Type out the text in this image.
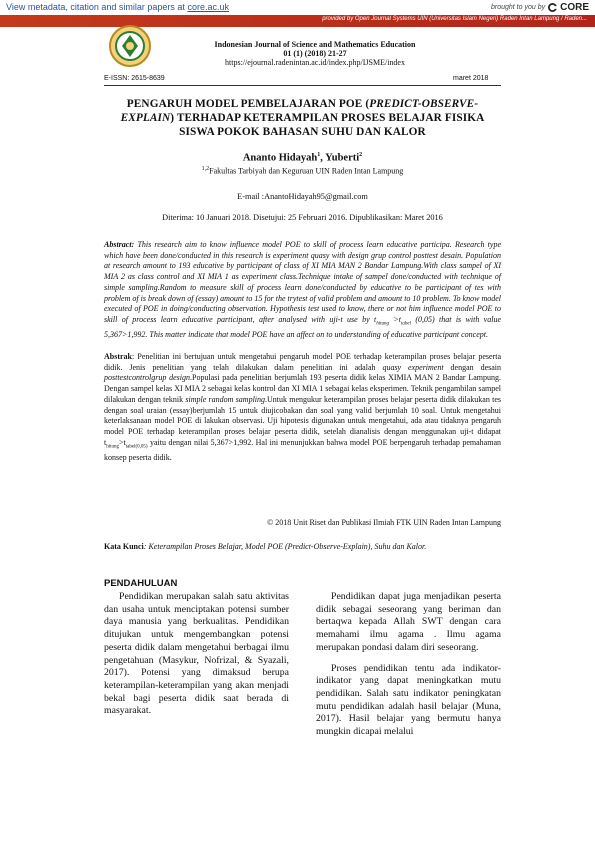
View metadata, citation and similar papers at core.ac.uk	brought to you by CORE
provided by Open Journal Systems UIN (Universitas Islam Negeri) Raden Intan Lampung / Raden...
Indonesian Journal of Science and Mathematics Education
01 (1) (2018) 21-27
https://ejournal.radenintan.ac.id/index.php/IJSME/index
E-ISSN: 2615-8639	maret 2018
PENGARUH MODEL PEMBELAJARAN POE (PREDICT-OBSERVE-EXPLAIN) TERHADAP KETERAMPILAN PROSES BELAJAR FISIKA SISWA POKOK BAHASAN SUHU DAN KALOR
Ananto Hidayah$^1$, Yuberti$^2$
$^{1,2}$Fakultas Tarbiyah dan Keguruan UIN Raden Intan Lampung
E-mail :AnantoHidayah95@gmail.com
Diterima: 10 Januari 2018. Disetujui: 25 Februari 2016. Dipublikasikan: Maret 2016
Abstract: This research aim to know influence model POE to skill of process learn educative participa. Research type which have been done/conducted in this research is experiment quasy with design grup control posttest desain. Population at research amount to 193 educative by participant of class of XI MIA MAN 2 Bandar Lampung.With class sampel of XI MIA 2 as class control and XI MIA 1 as experiment class.Technique intake of sampel done/conducted with technique of simple sampling.Random to measure skill of process learn done/conducted by educative to be participant of tes with problem of is break down of (essay) amount to 15 for the trytest of valid problem and amount to 10 problem. To know model executed of POE in doing/conducting observation. Hypothesis test used to know, there or not him influence model POE to skill of process learn educative participant, after analysed with uji-t use by $t_{hitung} >t_{tabel}$ (0,05) that is with value 5,367>1,992. This matter indicate that model POE have an affect on to understanding of educative participant concept.
Abstrak: Penelitian ini bertujuan untuk mengetahui pengaruh model POE terhadap keterampilan proses belajar peserta didik. Jenis penelitian yang telah dilakukan dalam penelitian ini adalah quasy experiment dengan desain posttestcontrolgrup design.Populasi pada penelitian berjumlah 193 peserta didik kelas XIMIA MAN 2 Bandar Lampung. Dengan sampel kelas XI MIA 2 sebagai kelas kontrol dan XI MIA 1 sebagai kelas eksperimen. Teknik pengambilan sampel dilakukan dengan teknik simple random sampling.Untuk mengukur keterampilan proses belajar peserta didik dilakukan tes dengan soal uraian (essay)berjumlah 15 untuk diujicobakan dan soal yang valid berjumlah 10 soal. Untuk mengetahui keterlaksanaan model POE di lakukan observasi. Uji hipotesis digunakan untuk mengetahui, ada atau tidaknya pengaruh model POE terhadap keterampilan proses belajar peserta didik, setelah dianalisis dengan menggunakan uji-t didapat $t_{hitung}>t_{tabel(0,05)}$ yaitu dengan nilai 5,367>1,992. Hal ini menunjukkan bahwa model POE berpengaruh terhadap pemahaman konsep peserta didik.
© 2018 Unit Riset dan Publikasi Ilmiah FTK UIN Raden Intan Lampung
Kata Kunci: Keterampilan Proses Belajar, Model POE (Predict-Observe-Explain), Suhu dan Kalor.
PENDAHULUAN

Pendidikan merupakan salah satu aktivitas dan usaha untuk menciptakan potensi sumber daya manusia yang berkualitas. Pendidikan ditujukan untuk mengembangkan potensi peserta didik dalam mengetahui berbagai ilmu pengetahuan (Masykur, Nofrizal, & Syazali, 2017). Potensi yang dimaksud berupa keterampilan-keterampilan yang akan menjadi bekal bagi peserta didik saat berada di masyarakat.

Pendidikan dapat juga menjadikan peserta didik sebagai seseorang yang beriman dan bertaqwa kepada Allah SWT dengan cara memahami ilmu agama . Ilmu agama merupakan pondasi dalam diri seseorang.

Proses pendidikan tentu ada indikator-indikator yang dapat meningkatkan mutu pendidikan. Salah satu indikator peningkatan mutu pendidikan adalah hasil belajar (Muna, 2017). Hasil belajar yang bermutu hanya mungkin dicapai melalui
